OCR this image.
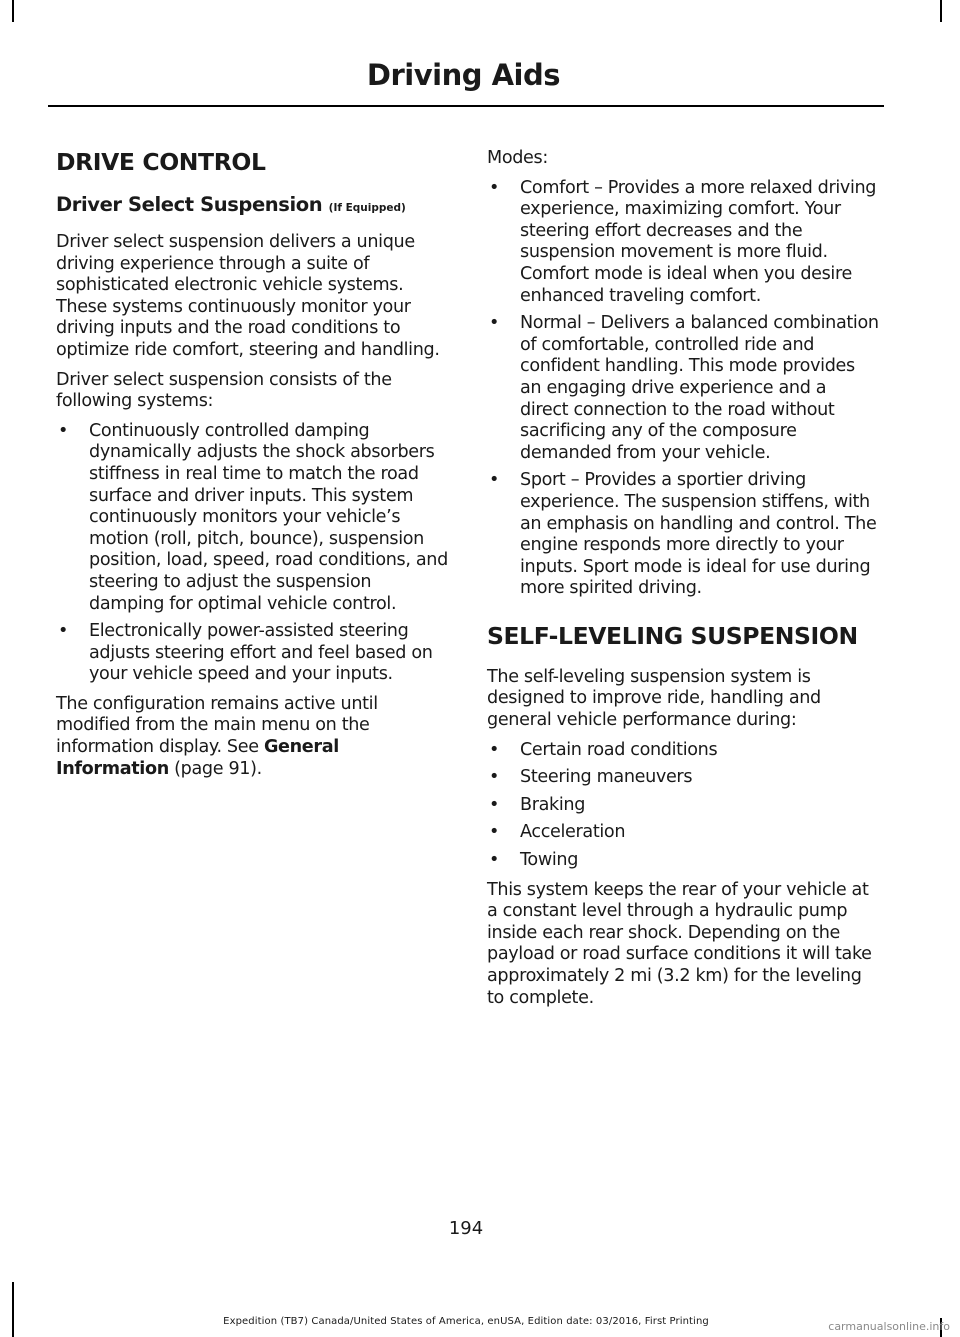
Driving Aids
DRIVE CONTROL
Driver Select Suspension (If Equipped)

Driver select suspension delivers a unique driving experience through a suite of sophisticated electronic vehicle systems. These systems continuously monitor your driving inputs and the road conditions to optimize ride comfort, steering and handling.

Driver select suspension consists of the following systems:

• Continuously controlled damping dynamically adjusts the shock absorbers stiffness in real time to match the road surface and driver inputs. This system continuously monitors your vehicle’s motion (roll, pitch, bounce), suspension position, load, speed, road conditions, and steering to adjust the suspension damping for optimal vehicle control.
• Electronically power-assisted steering adjusts steering effort and feel based on your vehicle speed and your inputs.

The configuration remains active until modified from the main menu on the information display. See General Information (page 91).

Modes:

• Comfort – Provides a more relaxed driving experience, maximizing comfort. Your steering effort decreases and the suspension movement is more fluid. Comfort mode is ideal when you desire enhanced traveling comfort.
• Normal – Delivers a balanced combination of comfortable, controlled ride and confident handling. This mode provides an engaging drive experience and a direct connection to the road without sacrificing any of the composure demanded from your vehicle.
• Sport – Provides a sportier driving experience. The suspension stiffens, with an emphasis on handling and control. The engine responds more directly to your inputs. Sport mode is ideal for use during more spirited driving.
SELF-LEVELING SUSPENSION

The self-leveling suspension system is designed to improve ride, handling and general vehicle performance during:

• Certain road conditions
• Steering maneuvers
• Braking
• Acceleration
• Towing

This system keeps the rear of your vehicle at a constant level through a hydraulic pump inside each rear shock. Depending on the payload or road surface conditions it will take approximately 2 mi (3.2 km) for the leveling to complete.

194
Expedition (TB7) Canada/United States of America, enUSA, Edition date: 03/2016, First Printing	carmanualsonline.info
